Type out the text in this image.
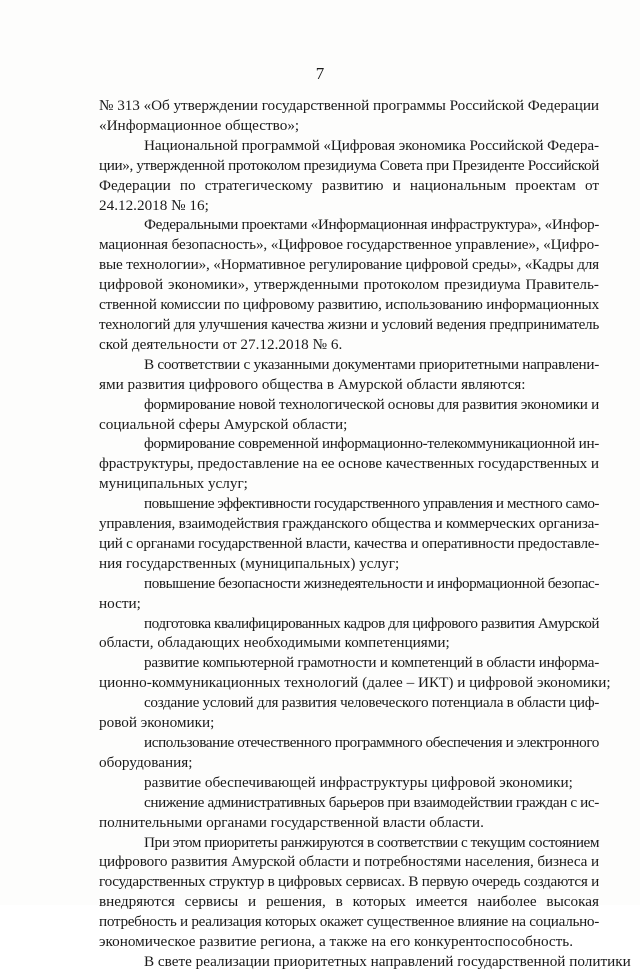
7
№ 313 «Об утверждении государственной программы Российской Федерации
«Информационное общество»;
Национальной программой «Цифровая экономика Российской Федера-
ции», утвержденной протоколом президиума Совета при Президенте Российской
Федерации по стратегическому развитию и национальным проектам от
24.12.2018 № 16;
Федеральными проектами «Информационная инфраструктура», «Инфор-
мационная безопасность», «Цифровое государственное управление», «Цифро-
вые технологии», «Нормативное регулирование цифровой среды», «Кадры для
цифровой экономики», утвержденными протоколом президиума Правитель-
ственной комиссии по цифровому развитию, использованию информационных
технологий для улучшения качества жизни и условий ведения предприниматель
ской деятельности от 27.12.2018 № 6.
В соответствии с указанными документами приоритетными направлени-
ями развития цифрового общества в Амурской области являются:
формирование новой технологической основы для развития экономики и
социальной сферы Амурской области;
формирование современной информационно-телекоммуникационной ин-
фраструктуры, предоставление на ее основе качественных государственных и
муниципальных услуг;
повышение эффективности государственного управления и местного само-
управления, взаимодействия гражданского общества и коммерческих организа-
ций с органами государственной власти, качества и оперативности предоставле-
ния государственных (муниципальных) услуг;
повышение безопасности жизнедеятельности и информационной безопас-
ности;
подготовка квалифицированных кадров для цифрового развития Амурской
области, обладающих необходимыми компетенциями;
развитие компьютерной грамотности и компетенций в области информа-
ционно-коммуникационных технологий (далее – ИКТ) и цифровой экономики;
создание условий для развития человеческого потенциала в области циф-
ровой экономики;
использование отечественного программного обеспечения и электронного
оборудования;
развитие обеспечивающей инфраструктуры цифровой экономики;
снижение административных барьеров при взаимодействии граждан с ис-
полнительными органами государственной власти области.
При этом приоритеты ранжируются в соответствии с текущим состоянием
цифрового развития Амурской области и потребностями населения, бизнеса и
государственных структур в цифровых сервисах. В первую очередь создаются и
внедряются сервисы и решения, в которых имеется наиболее высокая
потребность и реализация которых окажет существенное влияние на социально-
экономическое развитие региона, а также на его конкурентоспособность.
В свете реализации приоритетных направлений государственной политики
